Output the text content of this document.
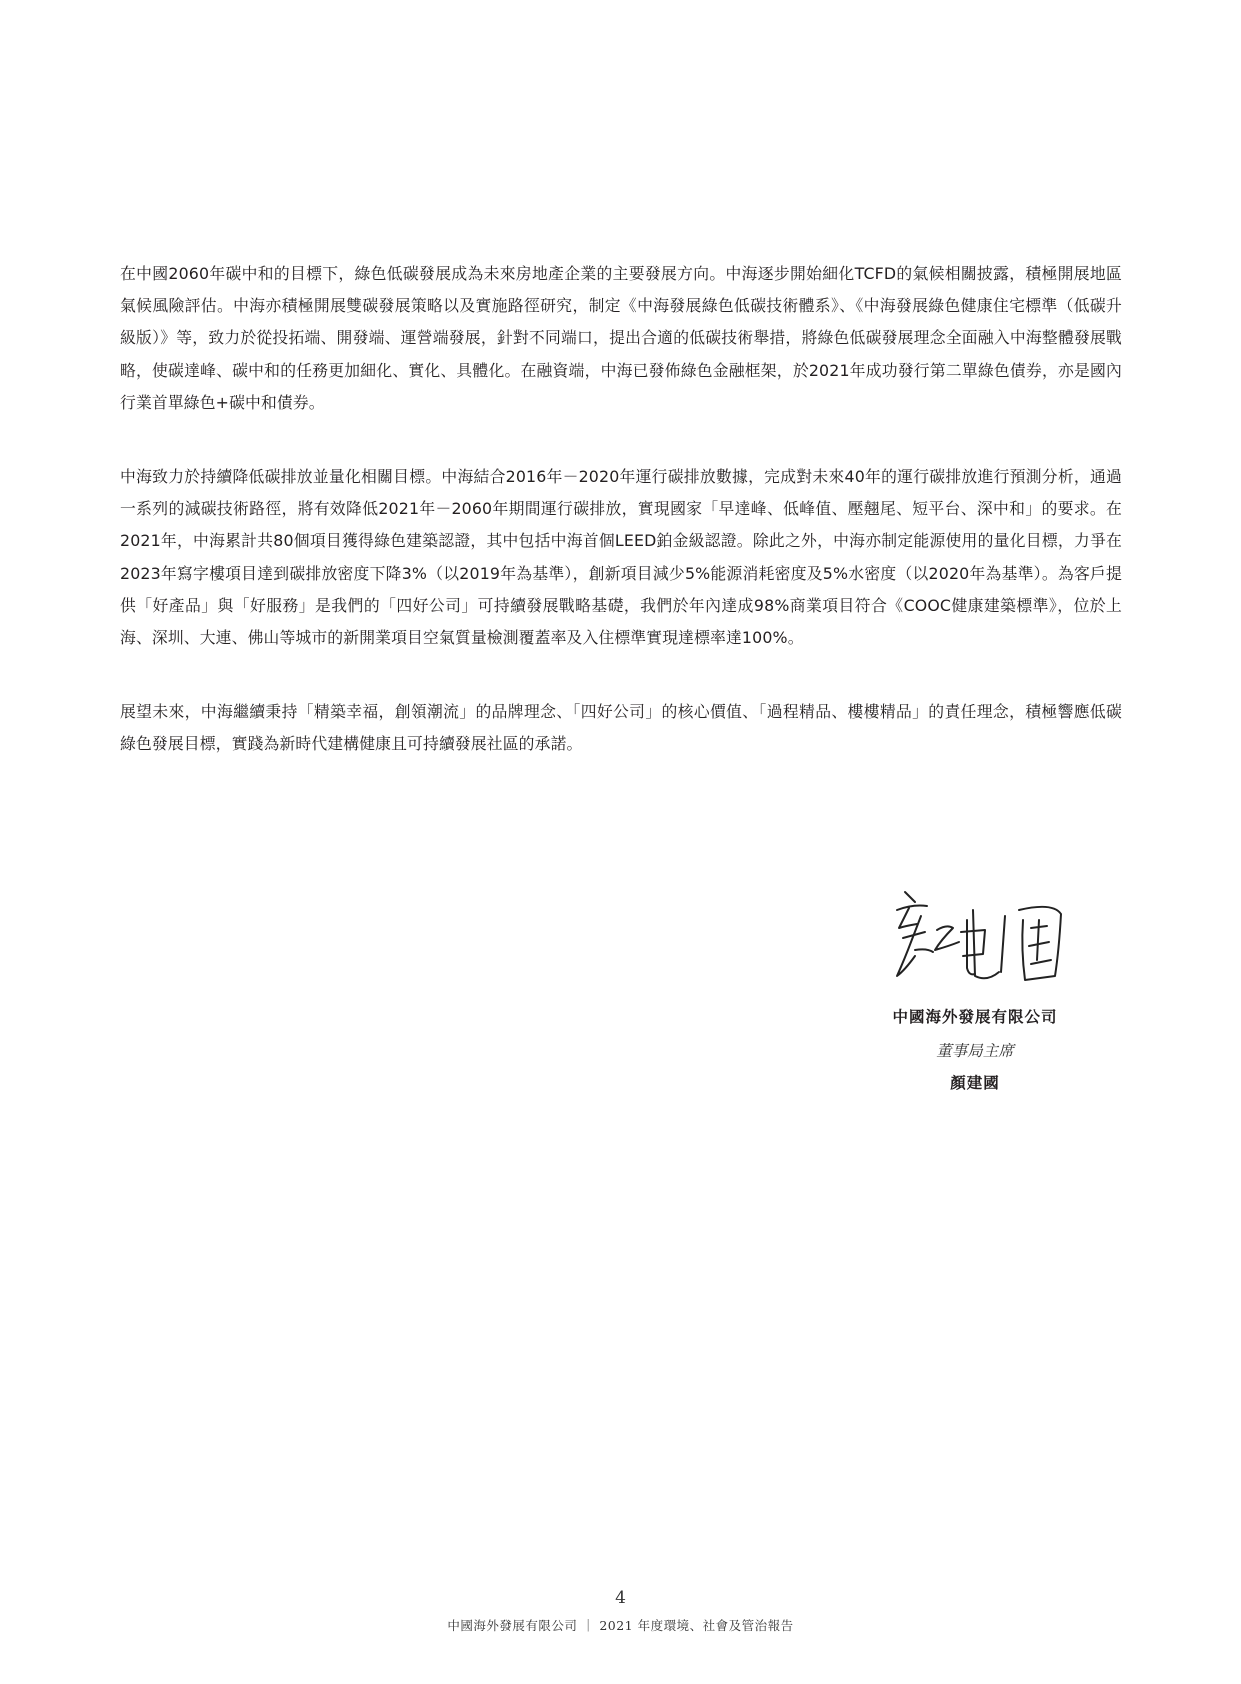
在中國2060年碳中和的目標下，綠色低碳發展成為未來房地產企業的主要發展方向。中海逐步開始細化TCFD的氣候相關披露，積極開展地區氣候風險評估。中海亦積極開展雙碳發展策略以及實施路徑研究，制定《中海發展綠色低碳技術體系》、《中海發展綠色健康住宅標準（低碳升級版）》等，致力於從投拓端、開發端、運營端發展，針對不同端口，提出合適的低碳技術舉措，將綠色低碳發展理念全面融入中海整體發展戰略，使碳達峰、碳中和的任務更加細化、實化、具體化。在融資端，中海已發佈綠色金融框架，於2021年成功發行第二單綠色債券，亦是國內行業首單綠色+碳中和債券。

中海致力於持續降低碳排放並量化相關目標。中海結合2016年－2020年運行碳排放數據，完成對未來40年的運行碳排放進行預測分析，通過一系列的減碳技術路徑，將有效降低2021年－2060年期間運行碳排放，實現國家「早達峰、低峰值、壓翹尾、短平台、深中和」的要求。在2021年，中海累計共80個項目獲得綠色建築認證，其中包括中海首個LEED鉑金級認證。除此之外，中海亦制定能源使用的量化目標，力爭在2023年寫字樓項目達到碳排放密度下降3%（以2019年為基準），創新項目減少5%能源消耗密度及5%水密度（以2020年為基準）。為客戶提供「好產品」與「好服務」是我們的「四好公司」可持續發展戰略基礎，我們於年內達成98%商業項目符合《COOC健康建築標準》，位於上海、深圳、大連、佛山等城市的新開業項目空氣質量檢測覆蓋率及入住標準實現達標率達100%。

展望未來，中海繼續秉持「精築幸福，創領潮流」的品牌理念、「四好公司」的核心價值、「過程精品、樓樓精品」的責任理念，積極響應低碳綠色發展目標，實踐為新時代建構健康且可持續發展社區的承諾。

中國海外發展有限公司
董事局主席
顏建國
4
中國海外發展有限公司 ｜ 2021 年度環境、社會及管治報告
